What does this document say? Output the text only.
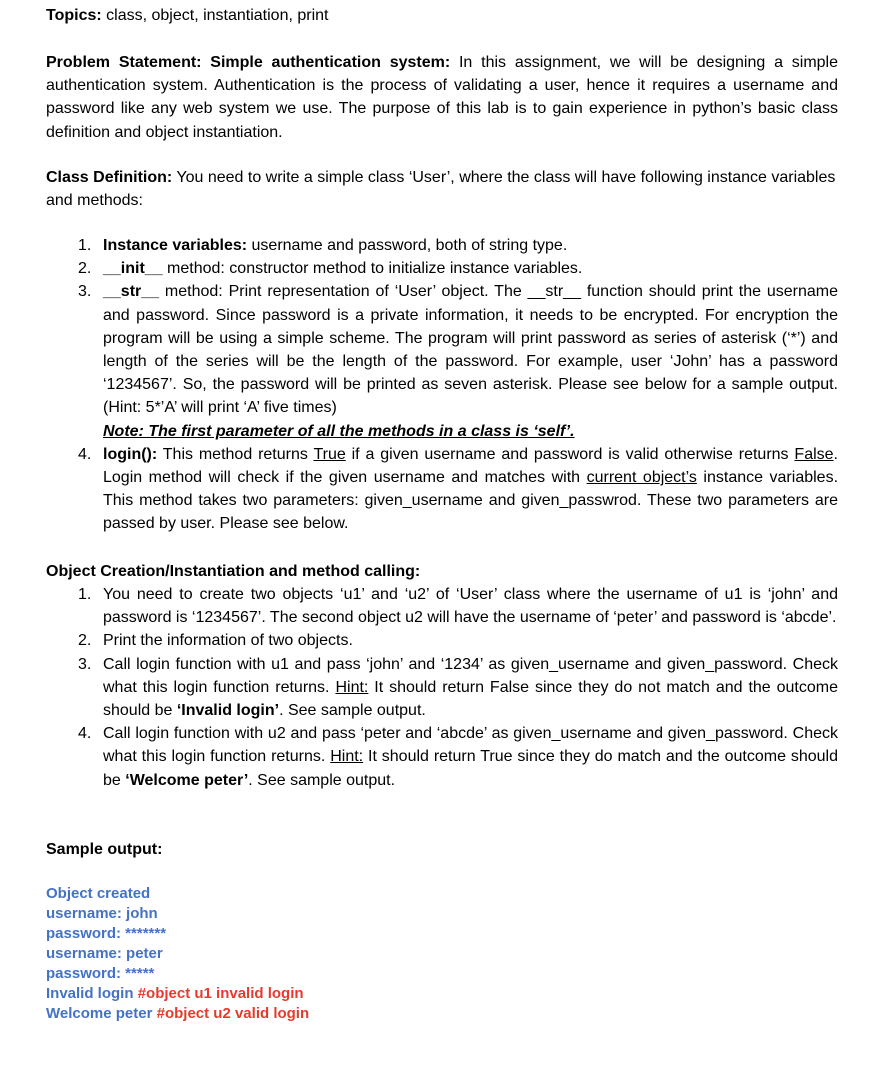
Topics: class, object, instantiation, print

Problem Statement: Simple authentication system: In this assignment, we will be designing a simple authentication system. Authentication is the process of validating a user, hence it requires a username and password like any web system we use. The purpose of this lab is to gain experience in python’s basic class definition and object instantiation.

Class Definition: You need to write a simple class ‘User’, where the class will have following instance variables and methods:

1. Instance variables: username and password, both of string type.
2. __init__ method: constructor method to initialize instance variables.
3. __str__ method: Print representation of ‘User’ object. The __str__ function should print the username and password. Since password is a private information, it needs to be encrypted. For encryption the program will be using a simple scheme. The program will print password as series of asterisk (‘*’) and length of the series will be the length of the password. For example, user ‘John’ has a password ‘1234567’. So, the password will be printed as seven asterisk. Please see below for a sample output. (Hint: 5*’A’ will print ‘A’ five times)
Note: The first parameter of all the methods in a class is ‘self’.
4. login(): This method returns True if a given username and password is valid otherwise returns False. Login method will check if the given username and matches with current object’s instance variables. This method takes two parameters: given_username and given_passwrod. These two parameters are passed by user. Please see below.

Object Creation/Instantiation and method calling:

1. You need to create two objects ‘u1’ and ‘u2’ of ‘User’ class where the username of u1 is ‘john’ and password is ‘1234567’. The second object u2 will have the username of ‘peter’ and password is ‘abcde’.
2. Print the information of two objects.
3. Call login function with u1 and pass ‘john’ and ‘1234’ as given_username and given_password. Check what this login function returns. Hint: It should return False since they do not match and the outcome should be ‘Invalid login’. See sample output.
4. Call login function with u2 and pass ‘peter and ‘abcde’ as given_username and given_password. Check what this login function returns. Hint: It should return True since they do match and the outcome should be ‘Welcome peter’. See sample output.

Sample output:

Object created
username: john
password: *******
username: peter
password: *****
Invalid login #object u1 invalid login
Welcome peter #object u2 valid login
